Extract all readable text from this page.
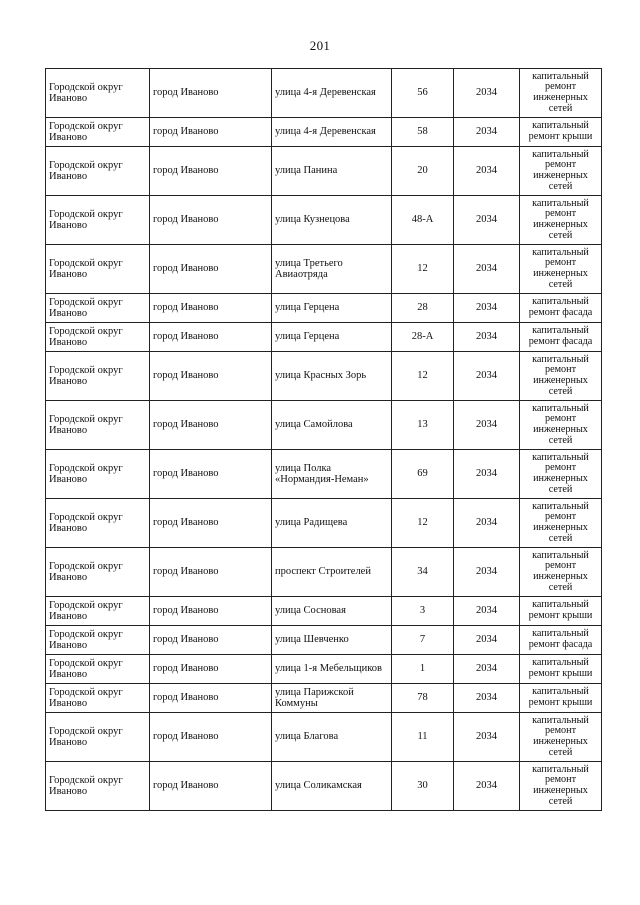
201
Городской округ Иваново	город Иваново	улица 4-я Деревенская	56	2034	капитальный ремонт инженерных сетей
Городской округ Иваново	город Иваново	улица 4-я Деревенская	58	2034	капитальный ремонт крыши
Городской округ Иваново	город Иваново	улица Панина	20	2034	капитальный ремонт инженерных сетей
Городской округ Иваново	город Иваново	улица Кузнецова	48-А	2034	капитальный ремонт инженерных сетей
Городской округ Иваново	город Иваново	улица Третьего Авиаотряда	12	2034	капитальный ремонт инженерных сетей
Городской округ Иваново	город Иваново	улица Герцена	28	2034	капитальный ремонт фасада
Городской округ Иваново	город Иваново	улица Герцена	28-А	2034	капитальный ремонт фасада
Городской округ Иваново	город Иваново	улица Красных Зорь	12	2034	капитальный ремонт инженерных сетей
Городской округ Иваново	город Иваново	улица Самойлова	13	2034	капитальный ремонт инженерных сетей
Городской округ Иваново	город Иваново	улица Полка «Нормандия-Неман»	69	2034	капитальный ремонт инженерных сетей
Городской округ Иваново	город Иваново	улица Радищева	12	2034	капитальный ремонт инженерных сетей
Городской округ Иваново	город Иваново	проспект Строителей	34	2034	капитальный ремонт инженерных сетей
Городской округ Иваново	город Иваново	улица Сосновая	3	2034	капитальный ремонт крыши
Городской округ Иваново	город Иваново	улица Шевченко	7	2034	капитальный ремонт фасада
Городской округ Иваново	город Иваново	улица 1-я Мебельщиков	1	2034	капитальный ремонт крыши
Городской округ Иваново	город Иваново	улица Парижской Коммуны	78	2034	капитальный ремонт крыши
Городской округ Иваново	город Иваново	улица Благова	11	2034	капитальный ремонт инженерных сетей
Городской округ Иваново	город Иваново	улица Соликамская	30	2034	капитальный ремонт инженерных сетей
